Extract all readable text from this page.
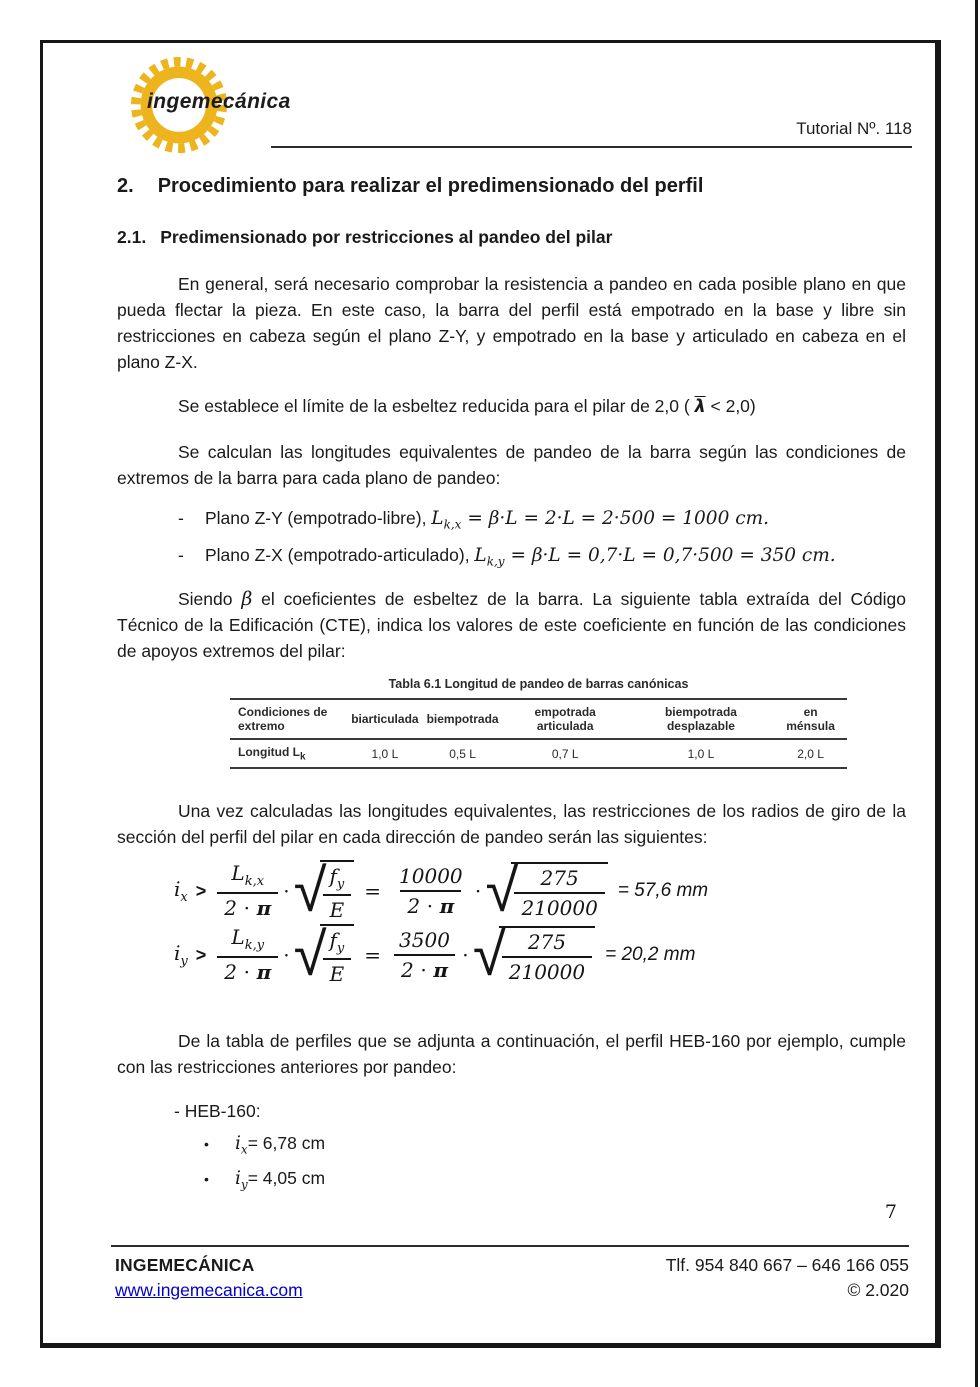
ingemecánica
Tutorial Nº. 118
2. Procedimiento para realizar el predimensionado del perfil
2.1. Predimensionado por restricciones al pandeo del pilar

En general, será necesario comprobar la resistencia a pandeo en cada posible plano en que pueda flectar la pieza. En este caso, la barra del perfil está empotrado en la base y libre sin restricciones en cabeza según el plano Z-Y, y empotrado en la base y articulado en cabeza en el plano Z-X.

Se establece el límite de la esbeltez reducida para el pilar de 2,0 ( $\overline{\lambda} < 2,0$)

Se calculan las longitudes equivalentes de pandeo de la barra según las condiciones de extremos de la barra para cada plano de pandeo:

- Plano Z-Y (empotrado-libre), $L_{k,x} = \beta\cdot L = 2\cdot L = 2\cdot 500 = 1000$ cm.
- Plano Z-X (empotrado-articulado), $L_{k,y} = \beta\cdot L = 0,7\cdot L = 0,7\cdot 500 = 350$ cm.

Siendo β el coeficientes de esbeltez de la barra. La siguiente tabla extraída del Código Técnico de la Edificación (CTE), indica los valores de este coeficiente en función de las condiciones de apoyos extremos del pilar:

Tabla 6.1 Longitud de pandeo de barras canónicas
Condiciones de extremo	biarticulada	biempotrada	empotrada articulada	biempotrada desplazable	en ménsula
Longitud $L_k$	1,0 L	0,5 L	0,7 L	1,0 L	2,0 L

Una vez calculadas las longitudes equivalentes, las restricciones de los radios de giro de la sección del perfil del pilar en cada dirección de pandeo serán las siguientes:

$i_x > \frac{L_{k,x}}{2 \cdot \pi}$ · √
$\frac{f_y}{E} = \frac{10000}{2 \cdot \pi}$ ⋅ √
$\frac{275}{210000} = 57,6$ mm
$i_y > \frac{L_{k,y}}{2 \cdot \pi}$ · √
$\frac{f_y}{E} = \frac{3500}{2 \cdot \pi}$ ⋅ √
$\frac{275}{210000} = 20,2$ mm

De la tabla de perfiles que se adjunta a continuación, el perfil HEB-160 por ejemplo, cumple con las restricciones anteriores por pandeo:

- HEB-160:
•	$i_x = 6,78$ cm
•	$i_y = 4,05$ cm
7
INGEMECÁNICA
www.ingemecanica.com
Tlf. 954 840 667 – 646 166 055
© 2.020
